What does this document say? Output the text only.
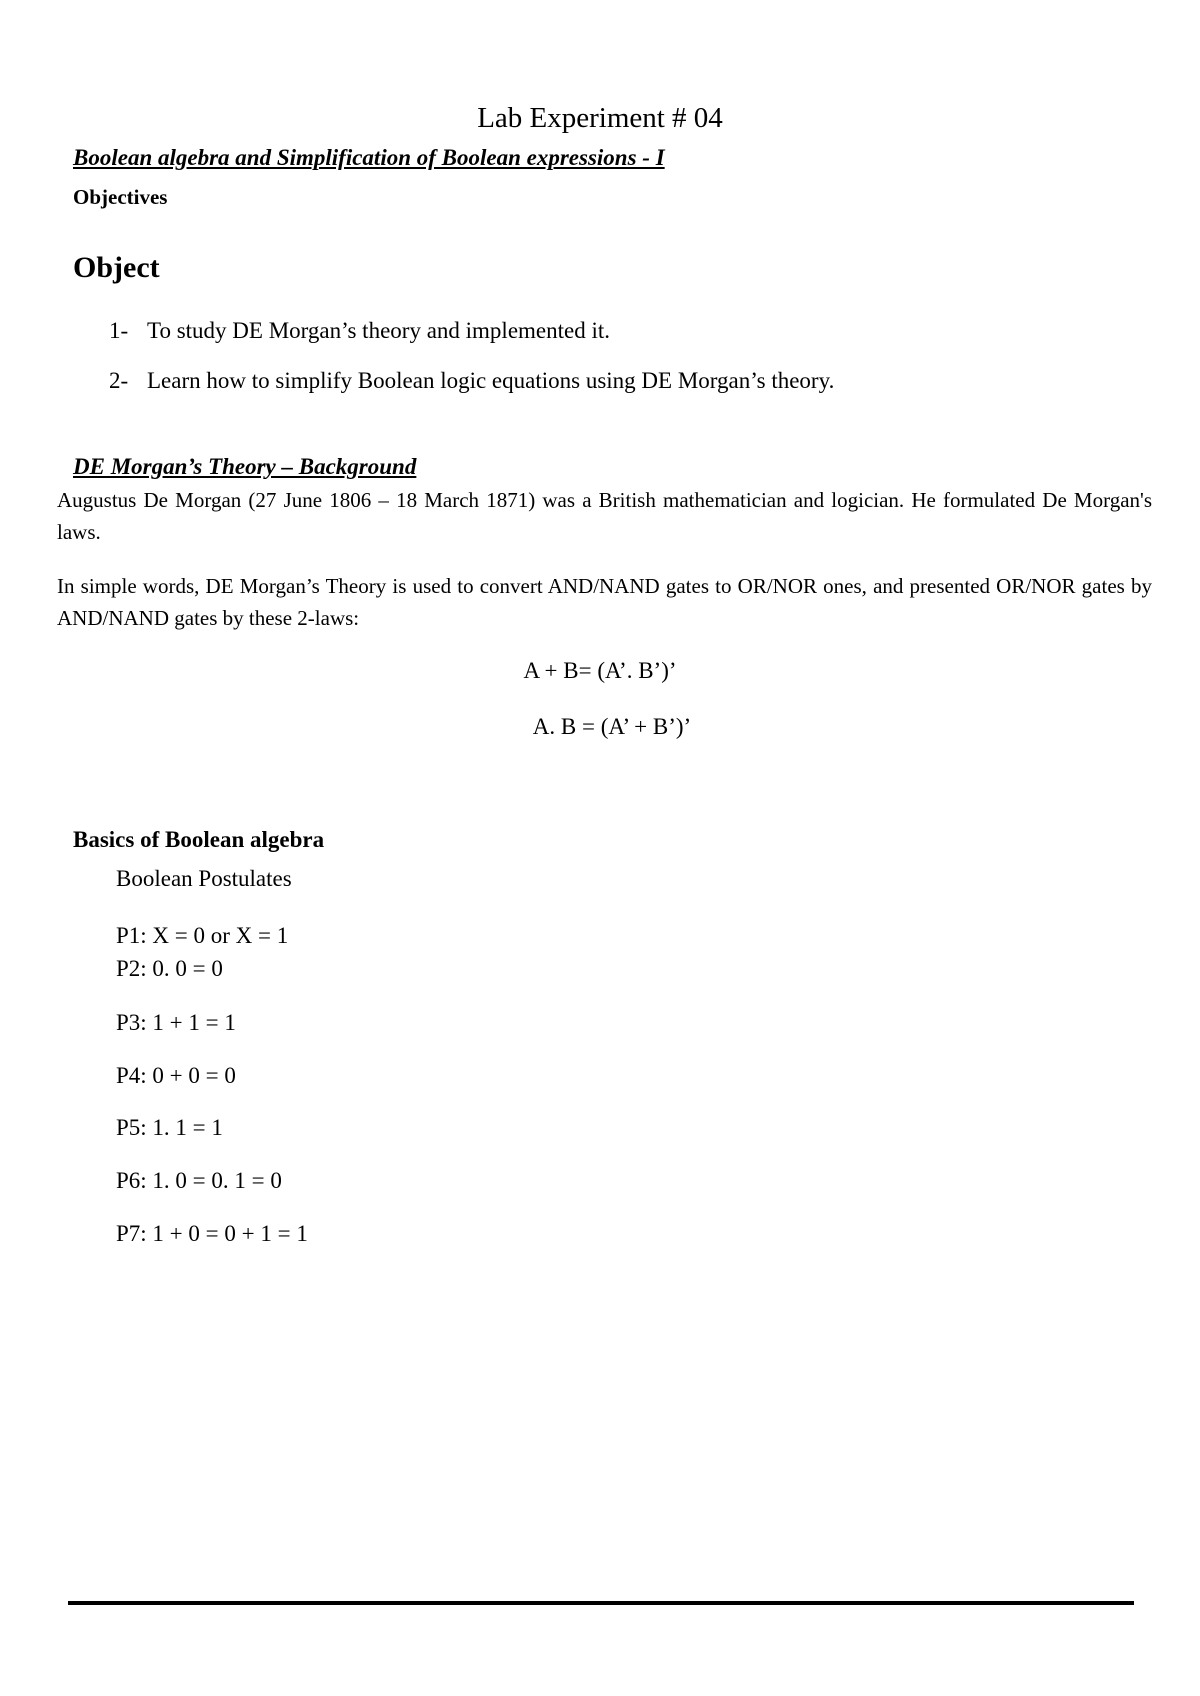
Lab Experiment # 04
Boolean algebra and Simplification of Boolean expressions - I
Objectives
Object
1- To study DE Morgan’s theory and implemented it.
2- Learn how to simplify Boolean logic equations using DE Morgan’s theory.
DE Morgan’s Theory – Background
Augustus De Morgan (27 June 1806 – 18 March 1871) was a British mathematician and logician. He formulated De Morgan's laws.
In simple words, DE Morgan’s Theory is used to convert AND/NAND gates to OR/NOR ones, and presented OR/NOR gates by AND/NAND gates by these 2-laws:
A + B= (A’. B’)’
A. B = (A’ + B’)’
Basics of Boolean algebra
Boolean Postulates
P1: X = 0 or X = 1
P2: 0. 0 = 0
P3: 1 + 1 = 1
P4: 0 + 0 = 0
P5: 1. 1 = 1
P6: 1. 0 = 0. 1 = 0
P7: 1 + 0 = 0 + 1 = 1
